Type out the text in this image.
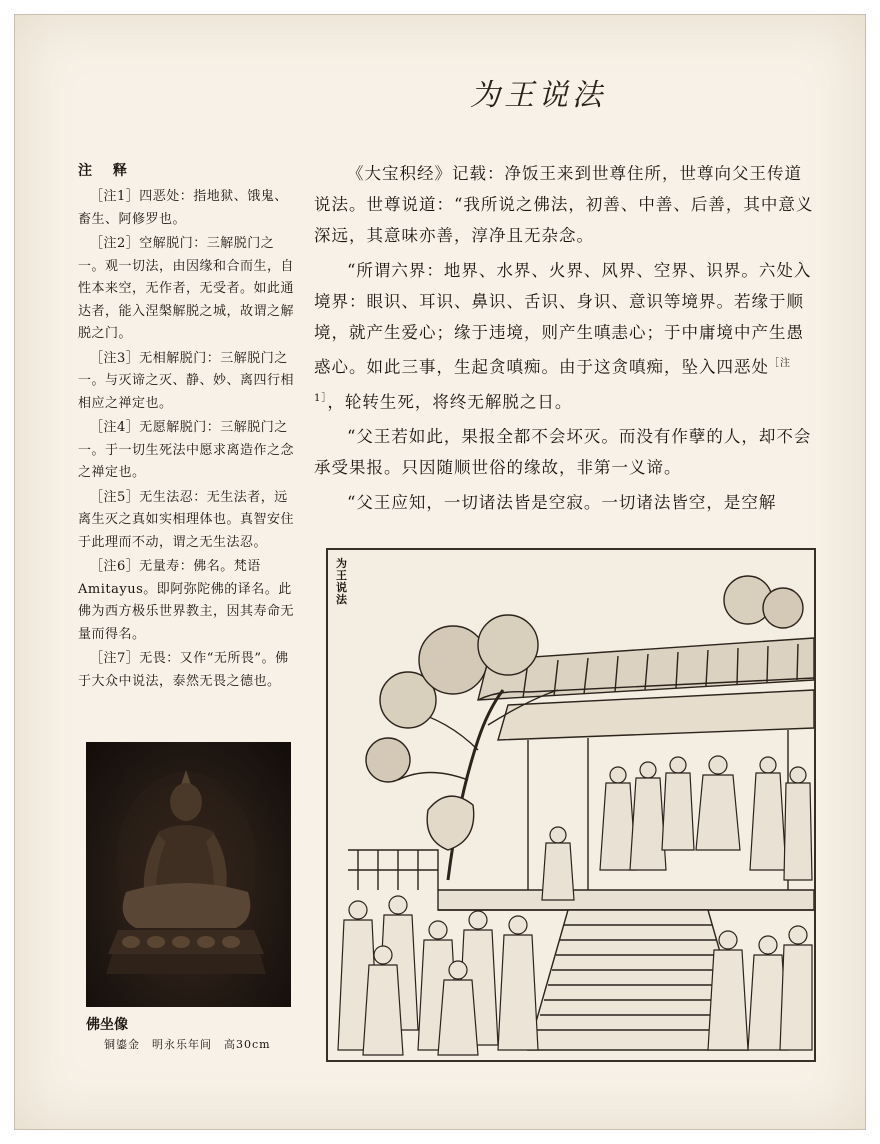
为王说法
注 释

［注1］四恶处：指地狱、饿鬼、畜生、阿修罗也。

［注2］空解脱门：三解脱门之一。观一切法，由因缘和合而生，自性本来空，无作者，无受者。如此通达者，能入涅槃解脱之城，故谓之解脱之门。

［注3］无相解脱门：三解脱门之一。与灭谛之灭、静、妙、离四行相相应之禅定也。

［注4］无愿解脱门：三解脱门之一。于一切生死法中愿求离造作之念之禅定也。

［注5］无生法忍：无生法者，远离生灭之真如实相理体也。真智安住于此理而不动，谓之无生法忍。

［注6］无量寿：佛名。梵语Amitayus。即阿弥陀佛的译名。此佛为西方极乐世界教主，因其寿命无量而得名。

［注7］无畏：又作“无所畏”。佛于大众中说法，泰然无畏之德也。

佛坐像
铜鎏金　明永乐年间　高30cm

《大宝积经》记载：净饭王来到世尊住所，世尊向父王传道说法。世尊说道：“我所说之佛法，初善、中善、后善，其中意义深远，其意味亦善，淳净且无杂念。

“所谓六界：地界、水界、火界、风界、空界、识界。六处入境界：眼识、耳识、鼻识、舌识、身识、意识等境界。若缘于顺境，就产生爱心；缘于违境，则产生嗔恚心；于中庸境中产生愚惑心。如此三事，生起贪嗔痴。由于这贪嗔痴，坠入四恶处$^{[注1]}$，轮转生死，将终无解脱之日。

“父王若如此，果报全都不会坏灭。而没有作孽的人，却不会承受果报。只因随顺世俗的缘故，非第一义谛。

“父王应知，一切诸法皆是空寂。一切诸法皆空，是空解

为王说法
